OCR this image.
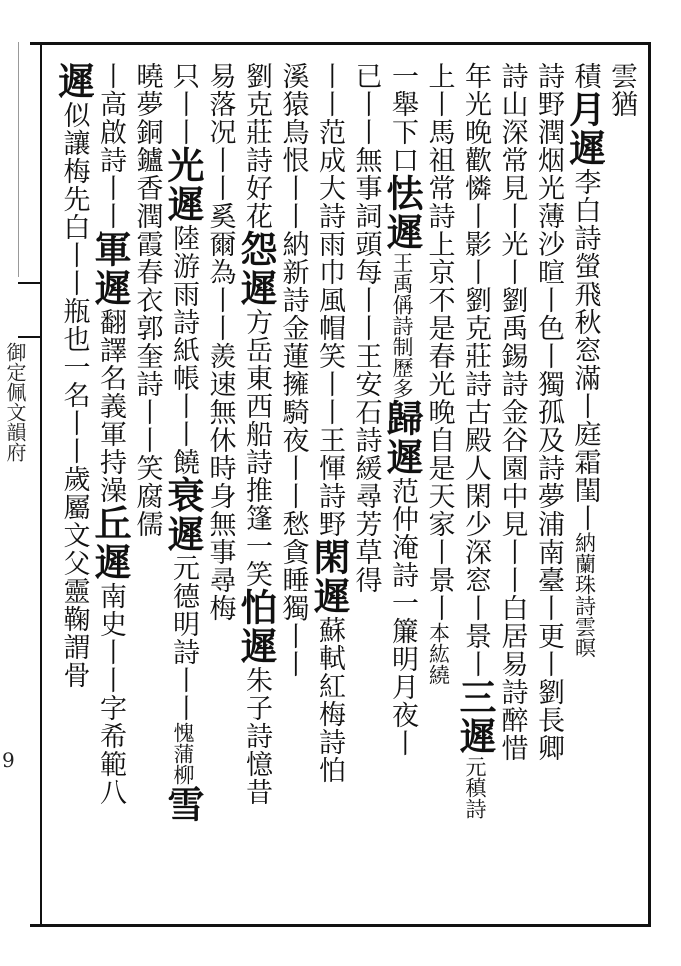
雲猶
積月遲李白詩螢飛秋窓滿丨庭霜閨丨納蘭珠詩雲暝
詩野潤烟光薄沙暄丨色丨獨孤及詩夢浦南臺丨更丨劉長卿
詩山深常見丨光丨劉禹錫詩金谷園中見丨丨白居易詩醉惜
年光晚歡憐丨影丨劉克莊詩古殿人閑少深窓丨景丨三遲元稹詩
上丨馬祖常詩上京不是春光晚自是天家丨景丨本紘繞
一舉下口怯遲王禹偁詩制歷多歸遲范仲淹詩一簾明月夜丨
已丨丨無事詞頭每丨丨王安石詩緩尋芳草得
丨丨范成大詩雨巾風帽笑丨丨王惲詩野閑遲蘇軾紅梅詩怕
溪猿鳥恨丨丨納新詩金蓮擁騎夜丨丨愁貪睡獨丨丨
劉克莊詩好花怨遲方岳東西船詩推篷一笑怕遲朱子詩憶昔
易落况丨丨奚爾為丨丨羨速無休時身無事尋梅
只丨丨光遲陸游雨詩紙帳丨丨饒衰遲元德明詩丨丨愧蒲柳雪
曉夢銅鑪香潤霞春衣郭奎詩丨丨笑腐儒
丨高啟詩丨丨軍遲翻譯名義軍持澡丘遲南史丨丨字希範八
遲似讓梅先白丨丨瓶也一名丨丨歲屬文父靈鞠謂骨
御定佩文韻府
9
